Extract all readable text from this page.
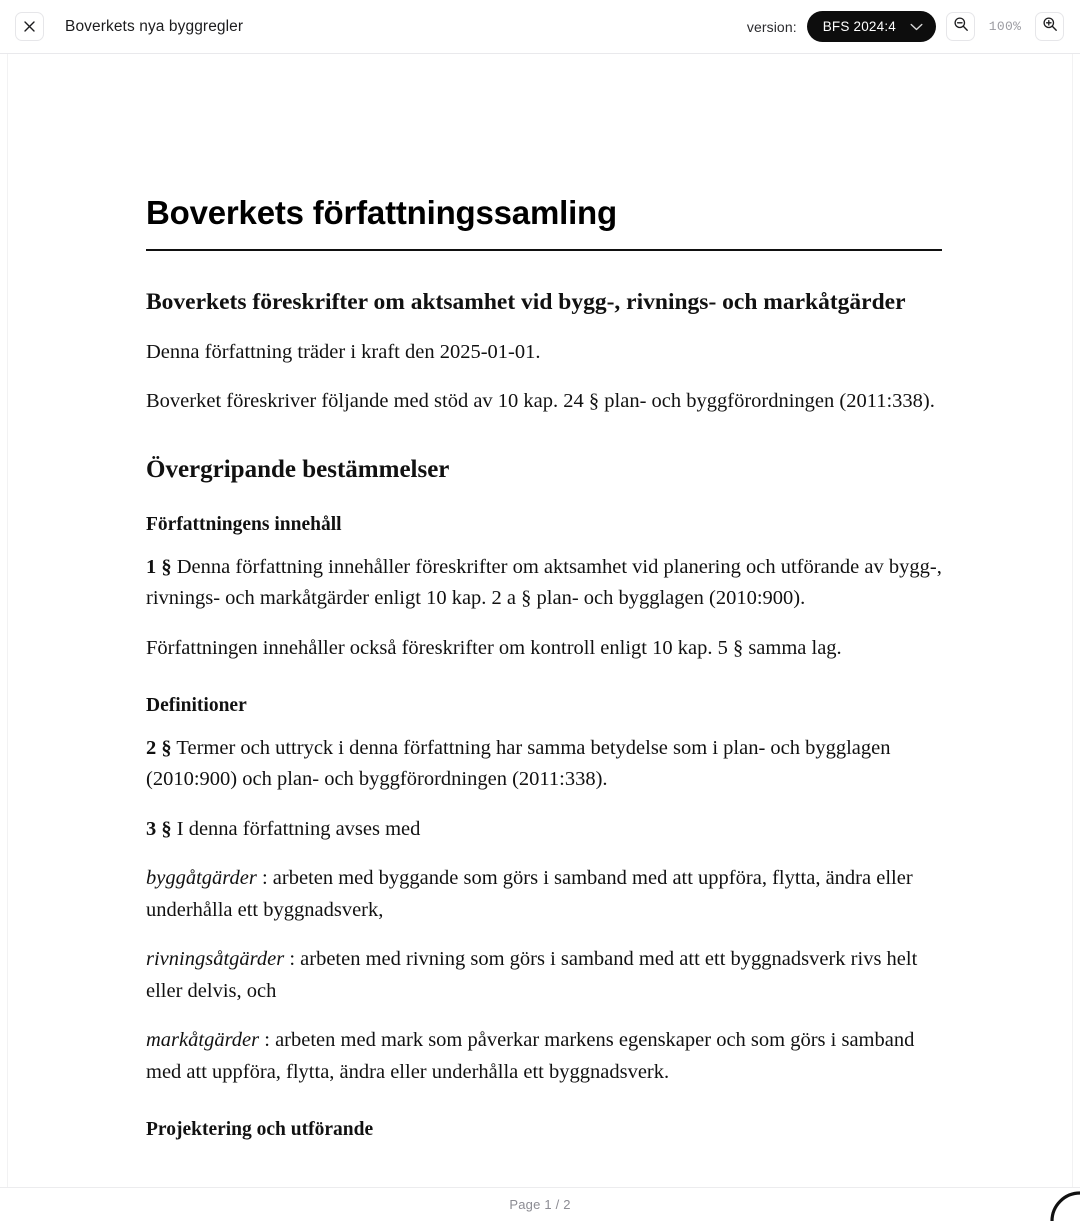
Boverkets nya byggregler	version: BFS 2024:4	100%
Boverkets författningssamling
Boverkets föreskrifter om aktsamhet vid bygg-, rivnings- och markåtgärder

Denna författning träder i kraft den 2025-01-01.

Boverket föreskriver följande med stöd av 10 kap. 24 § plan- och byggförordningen (2011:338).

Övergripande bestämmelser
Författningens innehåll

1 § Denna författning innehåller föreskrifter om aktsamhet vid planering och utförande av bygg-, rivnings- och markåtgärder enligt 10 kap. 2 a § plan- och bygglagen (2010:900).

Författningen innehåller också föreskrifter om kontroll enligt 10 kap. 5 § samma lag.

Definitioner

2 § Termer och uttryck i denna författning har samma betydelse som i plan- och bygglagen (2010:900) och plan- och byggförordningen (2011:338).

3 § I denna författning avses med

byggåtgärder : arbeten med byggande som görs i samband med att uppföra, flytta, ändra eller underhålla ett byggnadsverk,

rivningsåtgärder : arbeten med rivning som görs i samband med att ett byggnadsverk rivs helt eller delvis, och

markåtgärder : arbeten med mark som påverkar markens egenskaper och som görs i samband med att uppföra, flytta, ändra eller underhålla ett byggnadsverk.

Projektering och utförande
Page 1 / 2
